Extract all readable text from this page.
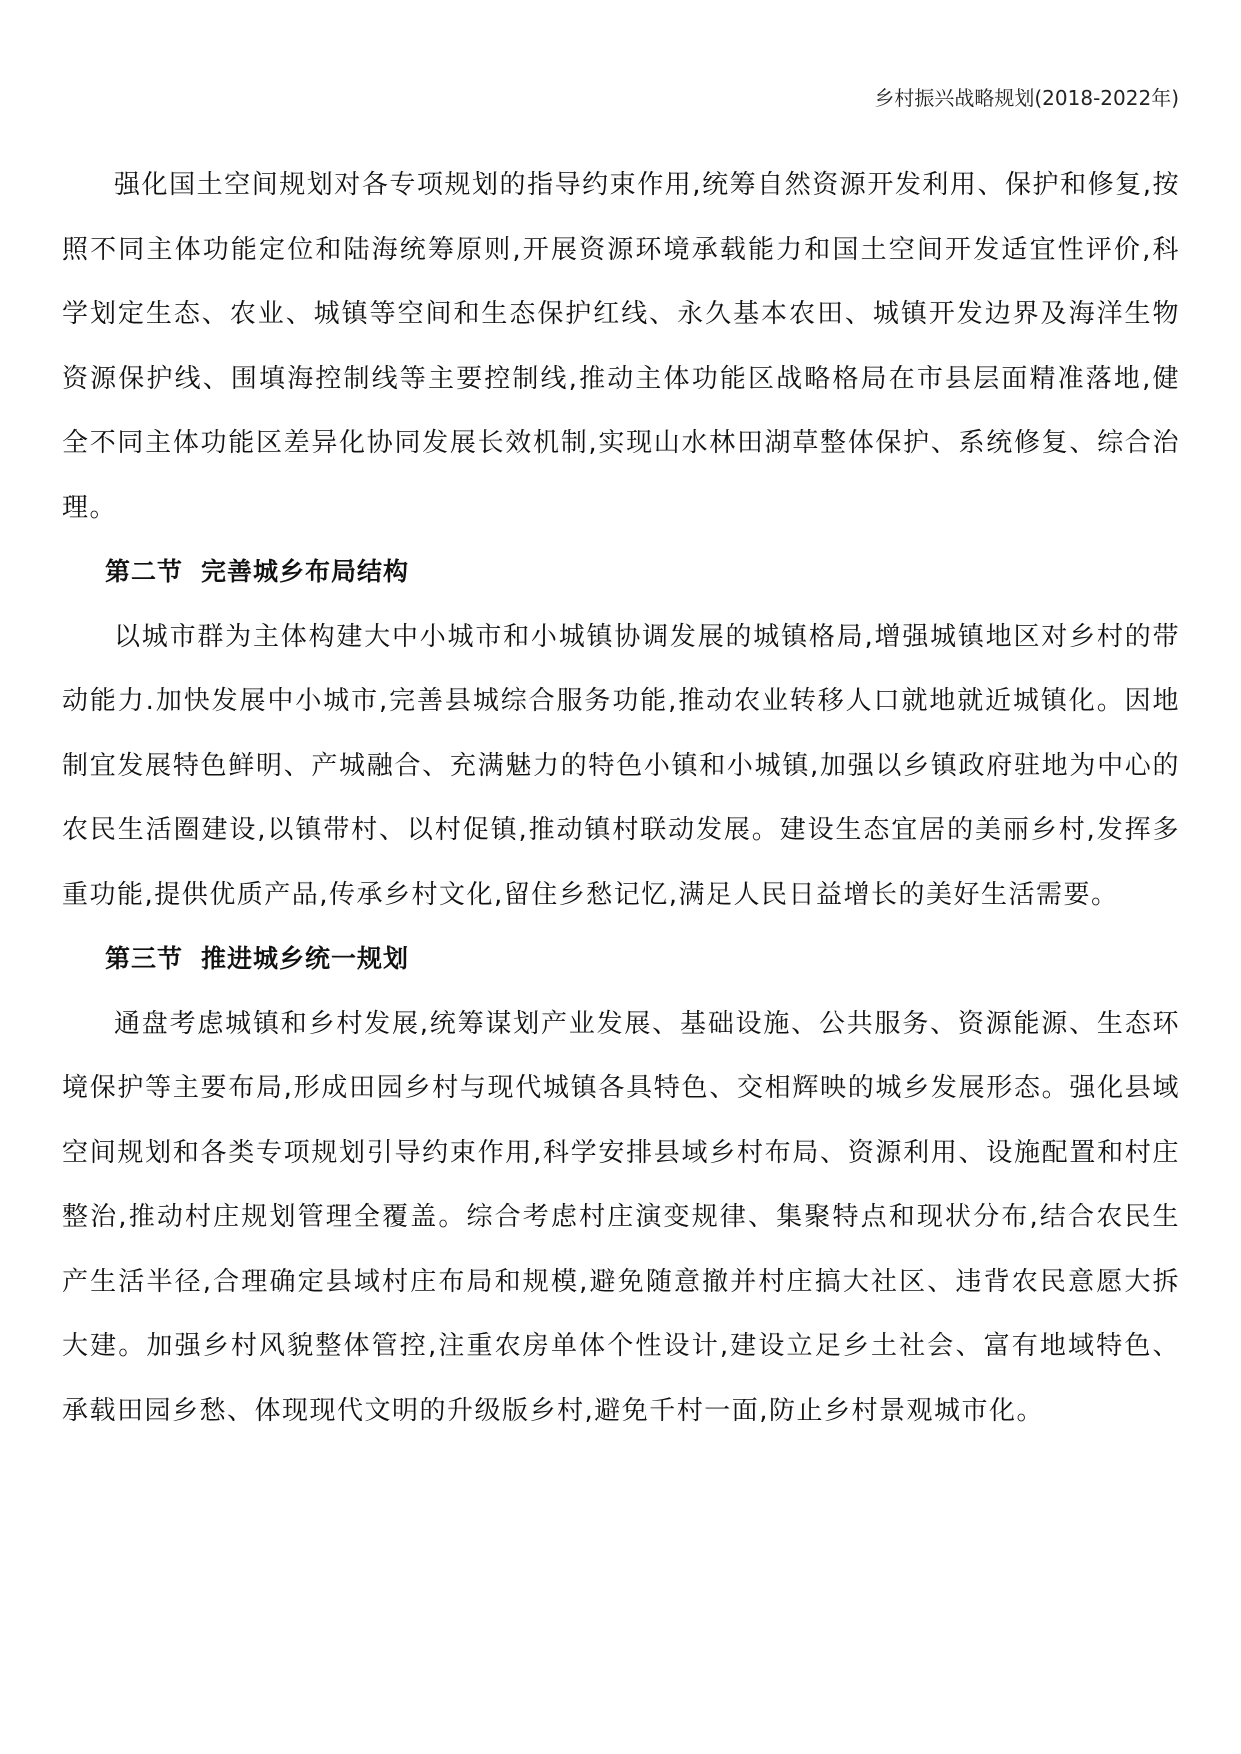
乡村振兴战略规划(2018-2022年)

强化国土空间规划对各专项规划的指导约束作用,统筹自然资源开发利用、保护和修复,按照不同主体功能定位和陆海统筹原则,开展资源环境承载能力和国土空间开发适宜性评价,科学划定生态、农业、城镇等空间和生态保护红线、永久基本农田、城镇开发边界及海洋生物资源保护线、围填海控制线等主要控制线,推动主体功能区战略格局在市县层面精准落地,健全不同主体功能区差异化协同发展长效机制,实现山水林田湖草整体保护、系统修复、综合治理。

第二节 完善城乡布局结构

以城市群为主体构建大中小城市和小城镇协调发展的城镇格局,增强城镇地区对乡村的带动能力.加快发展中小城市,完善县城综合服务功能,推动农业转移人口就地就近城镇化。因地制宜发展特色鲜明、产城融合、充满魅力的特色小镇和小城镇,加强以乡镇政府驻地为中心的农民生活圈建设,以镇带村、以村促镇,推动镇村联动发展。建设生态宜居的美丽乡村,发挥多重功能,提供优质产品,传承乡村文化,留住乡愁记忆,满足人民日益增长的美好生活需要。

第三节 推进城乡统一规划

通盘考虑城镇和乡村发展,统筹谋划产业发展、基础设施、公共服务、资源能源、生态环境保护等主要布局,形成田园乡村与现代城镇各具特色、交相辉映的城乡发展形态。强化县域空间规划和各类专项规划引导约束作用,科学安排县域乡村布局、资源利用、设施配置和村庄整治,推动村庄规划管理全覆盖。综合考虑村庄演变规律、集聚特点和现状分布,结合农民生产生活半径,合理确定县域村庄布局和规模,避免随意撤并村庄搞大社区、违背农民意愿大拆大建。加强乡村风貌整体管控,注重农房单体个性设计,建设立足乡土社会、富有地域特色、承载田园乡愁、体现现代文明的升级版乡村,避免千村一面,防止乡村景观城市化。
